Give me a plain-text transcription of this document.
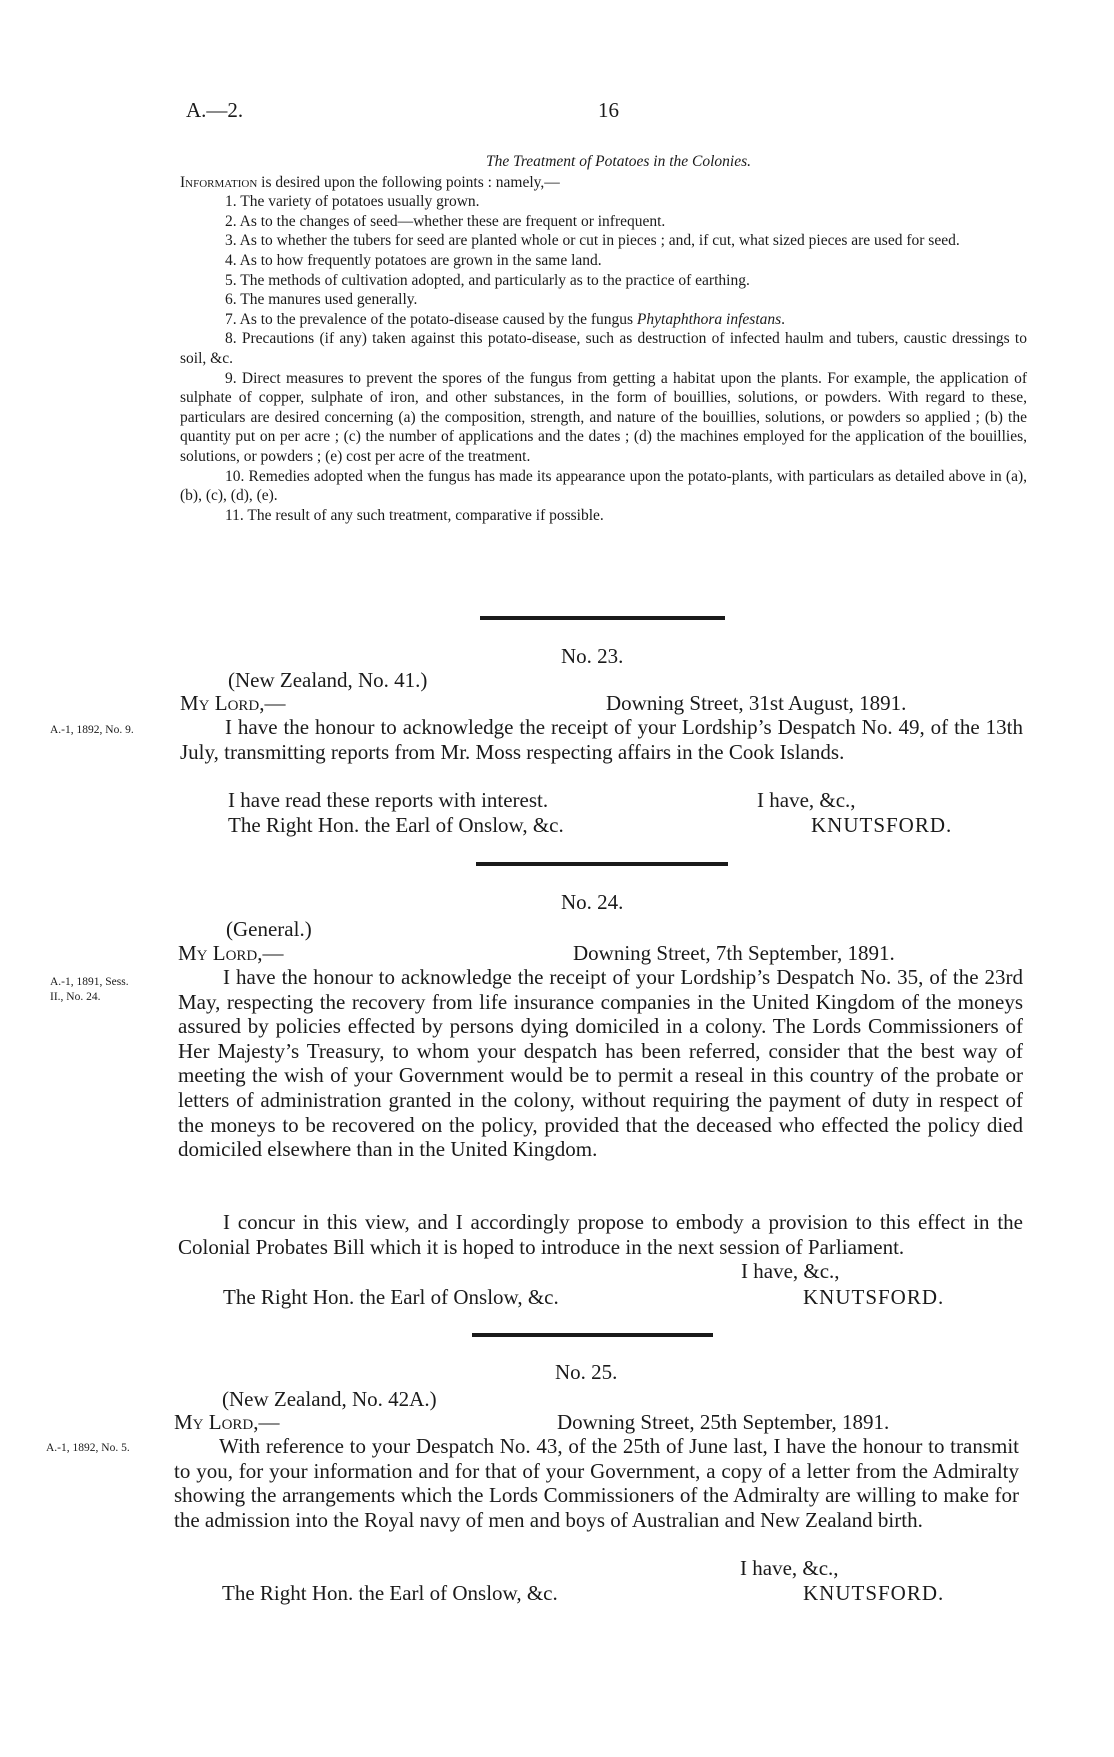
A.—2.	16

The Treatment of Potatoes in the Colonies.

Information is desired upon the following points : namely,—

1. The variety of potatoes usually grown.

2. As to the changes of seed—whether these are frequent or infrequent.

3. As to whether the tubers for seed are planted whole or cut in pieces ; and, if cut, what sized pieces are used for seed.

4. As to how frequently potatoes are grown in the same land.

5. The methods of cultivation adopted, and particularly as to the practice of earthing.

6. The manures used generally.

7. As to the prevalence of the potato-disease caused by the fungus Phytaphthora infestans.

8. Precautions (if any) taken against this potato-disease, such as destruction of infected haulm and tubers, caustic dressings to soil, &c.

9. Direct measures to prevent the spores of the fungus from getting a habitat upon the plants. For example, the application of sulphate of copper, sulphate of iron, and other substances, in the form of bouillies, solutions, or powders. With regard to these, particulars are desired concerning (a) the composition, strength, and nature of the bouillies, solutions, or powders so applied ; (b) the quantity put on per acre ; (c) the number of applications and the dates ; (d) the machines employed for the application of the bouillies, solutions, or powders ; (e) cost per acre of the treatment.

10. Remedies adopted when the fungus has made its appearance upon the potato-plants, with particulars as detailed above in (a), (b), (c), (d), (e).

11. The result of any such treatment, comparative if possible.

No. 23.
(New Zealand, No. 41.)
My Lord,—	Downing Street, 31st August, 1891.
A.-1, 1892, No. 9.	I have the honour to acknowledge the receipt of your Lordship’s Despatch No. 49, of the 13th July, transmitting reports from Mr. Moss respecting affairs in the Cook Islands.
I have read these reports with interest.	I have, &c.,
The Right Hon. the Earl of Onslow, &c.	KNUTSFORD.
No. 24.
(General.)
My Lord,—	Downing Street, 7th September, 1891.
A.-1, 1891, Sess.
II., No. 24.
I have the honour to acknowledge the receipt of your Lordship’s Despatch No. 35, of the 23rd May, respecting the recovery from life insurance companies in the United Kingdom of the moneys assured by policies effected by persons dying domiciled in a colony. The Lords Commissioners of Her Majesty’s Treasury, to whom your despatch has been referred, consider that the best way of meeting the wish of your Government would be to permit a reseal in this country of the probate or letters of administration granted in the colony, without requiring the payment of duty in respect of the moneys to be recovered on the policy, provided that the deceased who effected the policy died domiciled elsewhere than in the United Kingdom.
I concur in this view, and I accordingly propose to embody a provision to this effect in the Colonial Probates Bill which it is hoped to introduce in the next session of Parliament.
I have, &c.,
The Right Hon. the Earl of Onslow, &c.	KNUTSFORD.
No. 25.
(New Zealand, No. 42A.)
My Lord,—	Downing Street, 25th September, 1891.
A.-1, 1892, No. 5.	With reference to your Despatch No. 43, of the 25th of June last, I have the honour to transmit to you, for your information and for that of your Government, a copy of a letter from the Admiralty showing the arrangements which the Lords Commissioners of the Admiralty are willing to make for the admission into the Royal navy of men and boys of Australian and New Zealand birth.
I have, &c.,
The Right Hon. the Earl of Onslow, &c.	KNUTSFORD.
